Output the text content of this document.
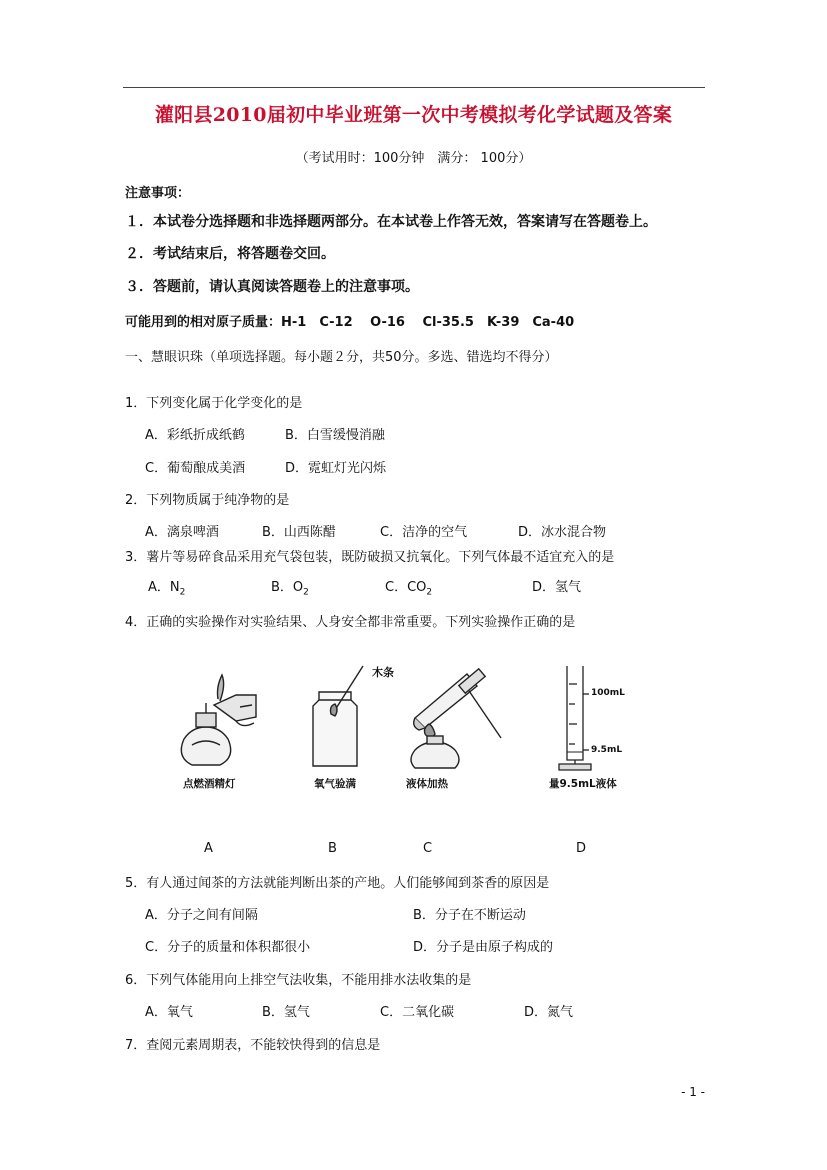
灌阳县2010届初中毕业班第一次中考模拟考化学试题及答案
（考试用时：100分钟　满分： 100分）
注意事项：
１．本试卷分选择题和非选择题两部分。在本试卷上作答无效，答案请写在答题卷上。
２．考试结束后，将答题卷交回。
３．答题前，请认真阅读答题卷上的注意事项。
可能用到的相对原子质量：H-1　C-12　 O-16　 Cl-35.5　K-39　Ca-40
一、慧眼识珠（单项选择题。每小题２分，共50分。多选、错选均不得分）
1．下列变化属于化学变化的是
A．彩纸折成纸鹤	B．白雪缓慢消融
C．葡萄酿成美酒	D．霓虹灯光闪烁
2．下列物质属于纯净物的是
A．漓泉啤酒	B．山西陈醋	C．洁净的空气	D．冰水混合物
3．薯片等易碎食品采用充气袋包装，既防破损又抗氧化。下列气体最不适宜充入的是
A．$N_2$	B．$O_2$	C．$CO_2$	D．氢气
4．正确的实验操作对实验结果、人身安全都非常重要。下列实验操作正确的是
点燃酒精灯
木条
氧气验满	液体加热
100mL
9.5mL
量9.5mL液体
A	B	C	D
5．有人通过闻茶的方法就能判断出茶的产地。人们能够闻到茶香的原因是
A．分子之间有间隔	B．分子在不断运动
C．分子的质量和体积都很小	D．分子是由原子构成的
6．下列气体能用向上排空气法收集，不能用排水法收集的是
A．氧气	B．氢气	C．二氧化碳	D．氮气
7．查阅元素周期表，不能较快得到的信息是
- 1 -
